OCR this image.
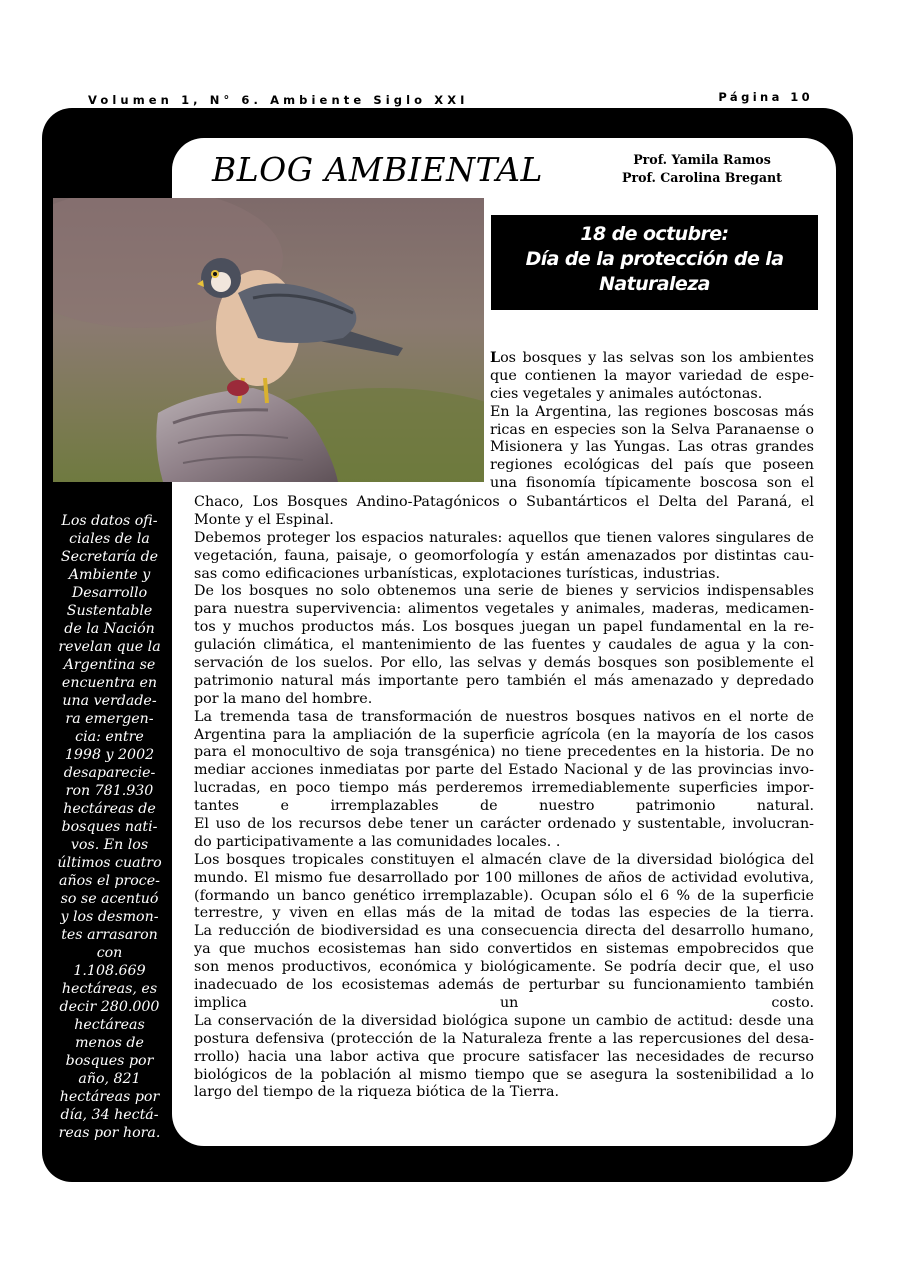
Volumen 1, N° 6. Ambiente Siglo XXI	Página 10
BLOG AMBIENTAL	Prof. Yamila Ramos
Prof. Carolina Bregant
18 de octubre:
Día de la protección de la
Naturaleza
Los datos ofi-
ciales de la
Secretaría de
Ambiente y
Desarrollo
Sustentable
de la Nación
revelan que la
Argentina se
encuentra en
una verdade-
ra emergen-
cia: entre
1998 y 2002
desaparecie-
ron 781.930
hectáreas de
bosques nati-
vos. En los
últimos cuatro
años el proce-
so se acentuó
y los desmon-
tes arrasaron
con
1.108.669
hectáreas, es
decir 280.000
hectáreas
menos de
bosques por
año, 821
hectáreas por
día, 34 hectá-
reas por hora.
Los bosques y las selvas son los ambientes
que contienen la mayor variedad de espe-
cies vegetales y animales autóctonas.
En la Argentina, las regiones boscosas más
ricas en especies son la Selva Paranaense o
Misionera y las Yungas. Las otras grandes
regiones ecológicas del país que poseen
una fisonomía típicamente boscosa son el
Chaco, Los Bosques Andino-Patagónicos o Subantárticos el Delta del Paraná, el
Monte y el Espinal.
Debemos proteger los espacios naturales: aquellos que tienen valores singulares de
vegetación, fauna, paisaje, o geomorfología y están amenazados por distintas cau-
sas como edificaciones urbanísticas, explotaciones turísticas, industrias.
De los bosques no solo obtenemos una serie de bienes y servicios indispensables
para nuestra supervivencia: alimentos vegetales y animales, maderas, medicamen-
tos y muchos productos más. Los bosques juegan un papel fundamental en la re-
gulación climática, el mantenimiento de las fuentes y caudales de agua y la con-
servación de los suelos. Por ello, las selvas y demás bosques son posiblemente el
patrimonio natural más importante pero también el más amenazado y depredado
por la mano del hombre.
La tremenda tasa de transformación de nuestros bosques nativos en el norte de
Argentina para la ampliación de la superficie agrícola (en la mayoría de los casos
para el monocultivo de soja transgénica) no tiene precedentes en la historia. De no
mediar acciones inmediatas por parte del Estado Nacional y de las provincias invo-
lucradas, en poco tiempo más perderemos irremediablemente superficies impor-
tantes e irremplazables de nuestro patrimonio natural.
El uso de los recursos debe tener un carácter ordenado y sustentable, involucran-
do participativamente a las comunidades locales. .
Los bosques tropicales constituyen el almacén clave de la diversidad biológica del
mundo. El mismo fue desarrollado por 100 millones de años de actividad evolutiva,
(formando un banco genético irremplazable). Ocupan sólo el 6 % de la superficie
terrestre, y viven en ellas más de la mitad de todas las especies de la tierra.
La reducción de biodiversidad es una consecuencia directa del desarrollo humano,
ya que muchos ecosistemas han sido convertidos en sistemas empobrecidos que
son menos productivos, económica y biológicamente. Se podría decir que, el uso
inadecuado de los ecosistemas además de perturbar su funcionamiento también
implica un costo.
La conservación de la diversidad biológica supone un cambio de actitud: desde una
postura defensiva (protección de la Naturaleza frente a las repercusiones del desa-
rrollo) hacia una labor activa que procure satisfacer las necesidades de recurso
biológicos de la población al mismo tiempo que se asegura la sostenibilidad a lo
largo del tiempo de la riqueza biótica de la Tierra.
